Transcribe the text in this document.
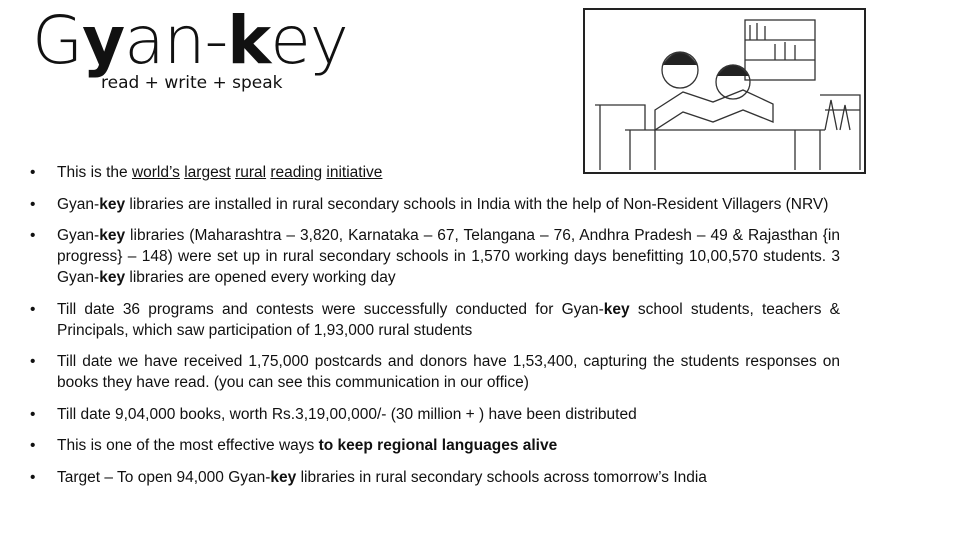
Gyan-key
read + write + speak
• This is the world’s largest rural reading initiative
• Gyan-key libraries are installed in rural secondary schools in India with the help of Non-Resident Villagers (NRV)
• Gyan-key libraries (Maharashtra – 3,820, Karnataka – 67, Telangana – 76, Andhra Pradesh – 49 & Rajasthan {in progress} – 148) were set up in rural secondary schools in 1,570 working days benefitting 10,00,570 students. 3 Gyan-key libraries are opened every working day
• Till date 36 programs and contests were successfully conducted for Gyan-key school students, teachers & Principals, which saw participation of 1,93,000 rural students
• Till date we have received 1,75,000 postcards and donors have 1,53,400, capturing the students responses on books they have read. (you can see this communication in our office)
• Till date 9,04,000 books, worth Rs.3,19,00,000/- (30 million + ) have been distributed
• This is one of the most effective ways to keep regional languages alive
• Target – To open 94,000 Gyan-key libraries in rural secondary schools across tomorrow’s India
